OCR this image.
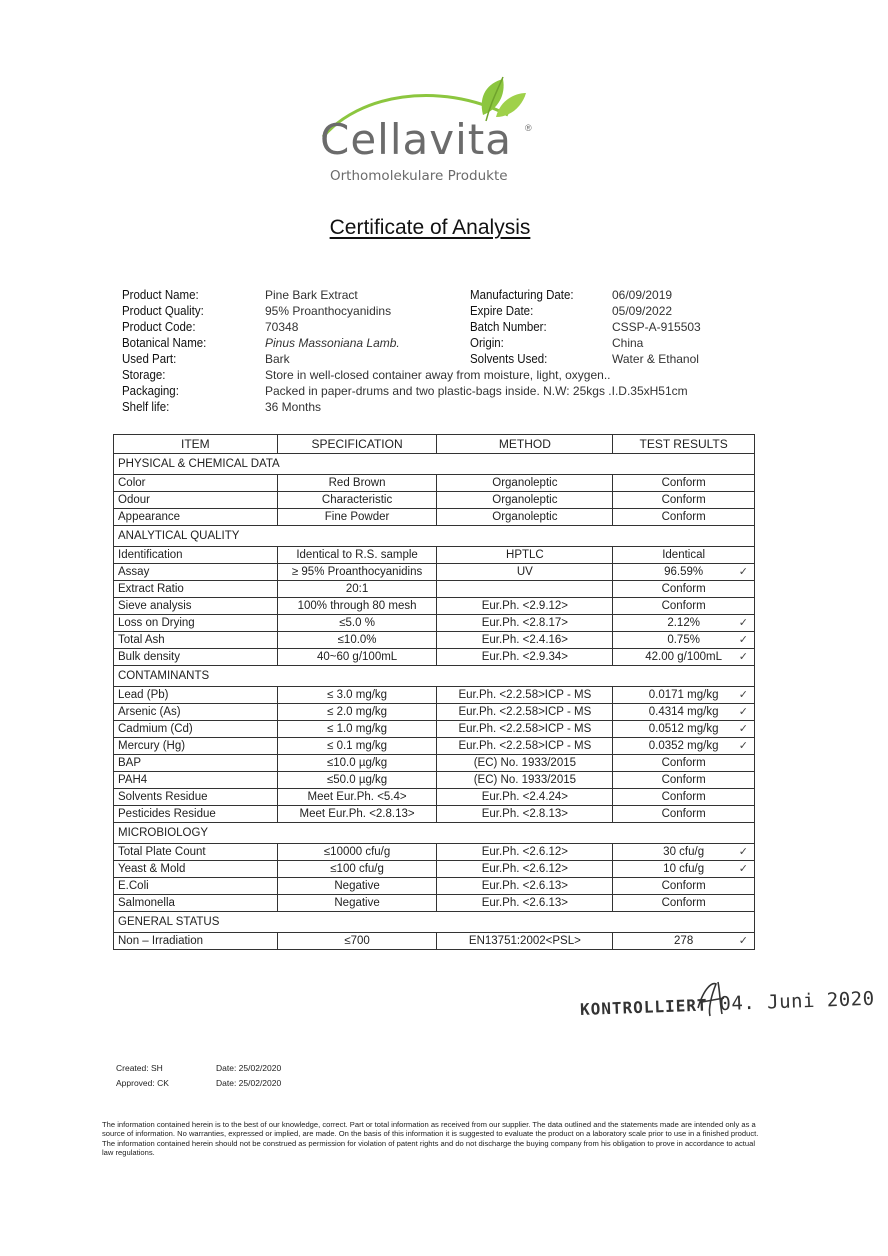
Cellavita ®
Orthomolekulare Produkte
Certificate of Analysis
Product Name:	Pine Bark Extract
Product Quality:	95% Proanthocyanidins
Product Code:	70348
Botanical Name:	Pinus Massoniana Lamb.
Used Part:	Bark
Storage:	Store in well-closed container away from moisture, light, oxygen..
Packaging:	Packed in paper-drums and two plastic-bags inside. N.W: 25kgs .I.D.35xH51cm
Shelf life:	36 Months
Manufacturing Date:	06/09/2019
Expire Date:	05/09/2022
Batch Number:	CSSP-A-915503
Origin:	China
Solvents Used:	Water & Ethanol
ITEM	SPECIFICATION	METHOD	TEST RESULTS
PHYSICAL & CHEMICAL DATA			
Color	Red Brown	Organoleptic	Conform
Odour	Characteristic	Organoleptic	Conform
Appearance	Fine Powder	Organoleptic	Conform
ANALYTICAL QUALITY			
Identification	Identical to R.S. sample	HPTLC	Identical
Assay	≥ 95% Proanthocyanidins	UV	96.59% ✓

Extract Ratio	20:1		Conform
Sieve analysis	100% through 80 mesh	Eur.Ph. <2.9.12>	Conform
Loss on Drying	≤5.0 %	Eur.Ph. <2.8.17>	2.12% ✓

Total Ash	≤10.0%	Eur.Ph. <2.4.16>	0.75% ✓

Bulk density	40~60 g/100mL	Eur.Ph. <2.9.34>	42.00 g/100mL ✓

CONTAMINANTS			
Lead (Pb)	≤ 3.0 mg/kg	Eur.Ph. <2.2.58>ICP - MS	0.0171 mg/kg ✓

Arsenic (As)	≤ 2.0 mg/kg	Eur.Ph. <2.2.58>ICP - MS	0.4314 mg/kg ✓

Cadmium (Cd)	≤ 1.0 mg/kg	Eur.Ph. <2.2.58>ICP - MS	0.0512 mg/kg ✓

Mercury (Hg)	≤ 0.1 mg/kg	Eur.Ph. <2.2.58>ICP - MS	0.0352 mg/kg ✓

BAP	≤10.0 µg/kg	(EC) No. 1933/2015	Conform
PAH4	≤50.0 µg/kg	(EC) No. 1933/2015	Conform
Solvents Residue	Meet Eur.Ph. <5.4>	Eur.Ph. <2.4.24>	Conform
Pesticides Residue	Meet Eur.Ph. <2.8.13>	Eur.Ph. <2.8.13>	Conform
MICROBIOLOGY			
Total Plate Count	≤10000 cfu/g	Eur.Ph. <2.6.12>	30 cfu/g ✓

Yeast & Mold	≤100 cfu/g	Eur.Ph. <2.6.12>	10 cfu/g ✓

E.Coli	Negative	Eur.Ph. <2.6.13>	Conform
Salmonella	Negative	Eur.Ph. <2.6.13>	Conform
GENERAL STATUS			
Non – Irradiation	≤700	EN13751:2002<PSL>	278 ✓
KONTROLLIERT 04. Juni 2020
Created: SH	Date: 25/02/2020
Approved: CK	Date: 25/02/2020
The information contained herein is to the best of our knowledge, correct. Part or total information as received from our supplier. The data outlined and the statements made are intended only as a source of information. No warranties, expressed or implied, are made. On the basis of this information it is suggested to evaluate the product on a laboratory scale prior to use in a finished product. The information contained herein should not be construed as permission for violation of patent rights and do not discharge the buying company from his obligation to prove in accordance to actual law regulations.
